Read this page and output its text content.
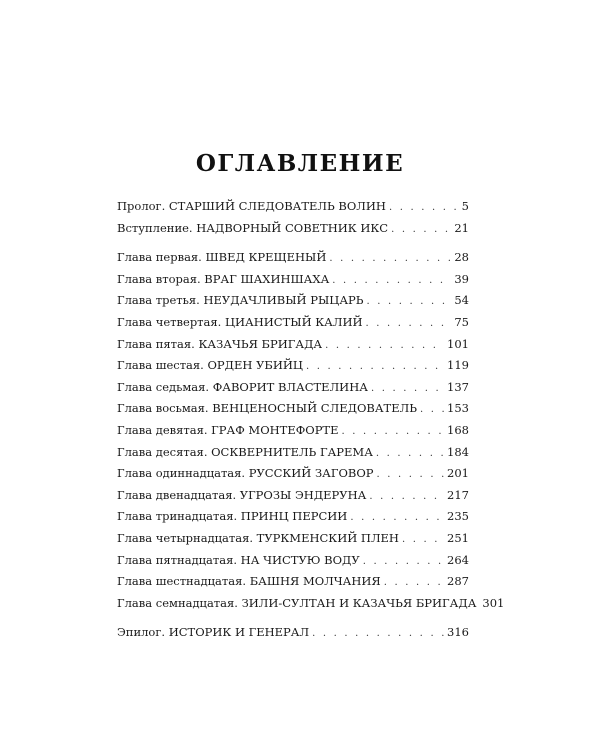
ОГЛАВЛЕНИЕ
Пролог. СТАРШИЙ СЛЕДОВАТЕЛЬ ВОЛИН . . .	5
Вступление. НАДВОРНЫЙ СОВЕТНИК ИКС . . .	21
Глава первая. ШВЕД КРЕЩЕНЫЙ . . .	28
Глава вторая. ВРАГ ШАХИНШАХА . . .	39
Глава третья. НЕУДАЧЛИВЫЙ РЫЦАРЬ . . .	54
Глава четвертая. ЦИАНИСТЫЙ КАЛИЙ . . .	75
Глава пятая. КАЗАЧЬЯ БРИГАДА . . .	101
Глава шестая. ОРДЕН УБИЙЦ . . .	119
Глава седьмая. ФАВОРИТ ВЛАСТЕЛИНА . . .	137
Глава восьмая. ВЕНЦЕНОСНЫЙ СЛЕДОВАТЕЛЬ . . .	153
Глава девятая. ГРАФ МОНТЕФОРТЕ . . .	168
Глава десятая. ОСКВЕРНИТЕЛЬ ГАРЕМА . . .	184
Глава одиннадцатая. РУССКИЙ ЗАГОВОР . . .	201
Глава двенадцатая. УГРОЗЫ ЭНДЕРУНА . . .	217
Глава тринадцатая. ПРИНЦ ПЕРСИИ . . .	235
Глава четырнадцатая. ТУРКМЕНСКИЙ ПЛЕН . . .	251
Глава пятнадцатая. НА ЧИСТУЮ ВОДУ . . .	264
Глава шестнадцатая. БАШНЯ МОЛЧАНИЯ . . .	287
Глава семнадцатая. ЗИЛИ-СУЛТАН И КАЗАЧЬЯ БРИГАДА 301
Эпилог. ИСТОРИК И ГЕНЕРАЛ . . .	316
